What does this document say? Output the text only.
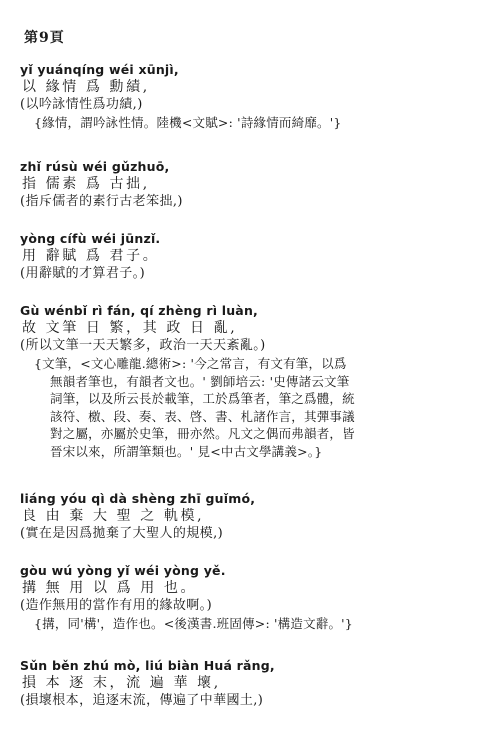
第9頁
yǐ yuánqíng wéi xūnjì,
以 緣情 爲 勳績,
(以吟詠情性爲功績,)
{緣情，謂吟詠性情。陸機<文賦>: '詩緣情而綺靡。'}
zhǐ rúsù wéi gǔzhuō,
指 儒素 爲 古拙,
(指斥儒者的素行古老笨拙,)
yòng cífù wéi jūnzǐ.
用 辭賦 爲 君子。
(用辭賦的才算君子。)
Gù wénbǐ rì fán, qí zhèng rì luàn,
故 文筆 日 繁，其 政 日 亂,
(所以文筆一天天繁多，政治一天天紊亂。)
{文筆，<文心雕龍.總術>: '今之常言，有文有筆，以爲
無韻者筆也，有韻者文也。' 劉師培云: '史傳諸云文筆
詞筆，以及所云長於載筆，工於爲筆者，筆之爲體，統
該符、檄、段、奏、表、啓、書、札諸作言，其彈事議
對之屬，亦屬於史筆，冊亦然。凡文之偶而弗韻者，皆
晉宋以來，所謂筆類也。' 見<中古文學講義>。}
liáng yóu qì dà shèng zhī guǐmó,
良 由 棄 大 聖 之 軌模,
(實在是因爲拋棄了大聖人的規模,)
gòu wú yòng yǐ wéi yòng yě.
搆 無 用 以 爲 用 也。
(造作無用的當作有用的緣故啊。)
{搆，同'構'，造作也。<後漢書.班固傳>: '構造文辭。'}
Sǔn běn zhú mò, liú biàn Huá rǎng,
損 本 逐 末，流 遍 華 壞,
(損壞根本，追逐末流，傳遍了中華國土,)
